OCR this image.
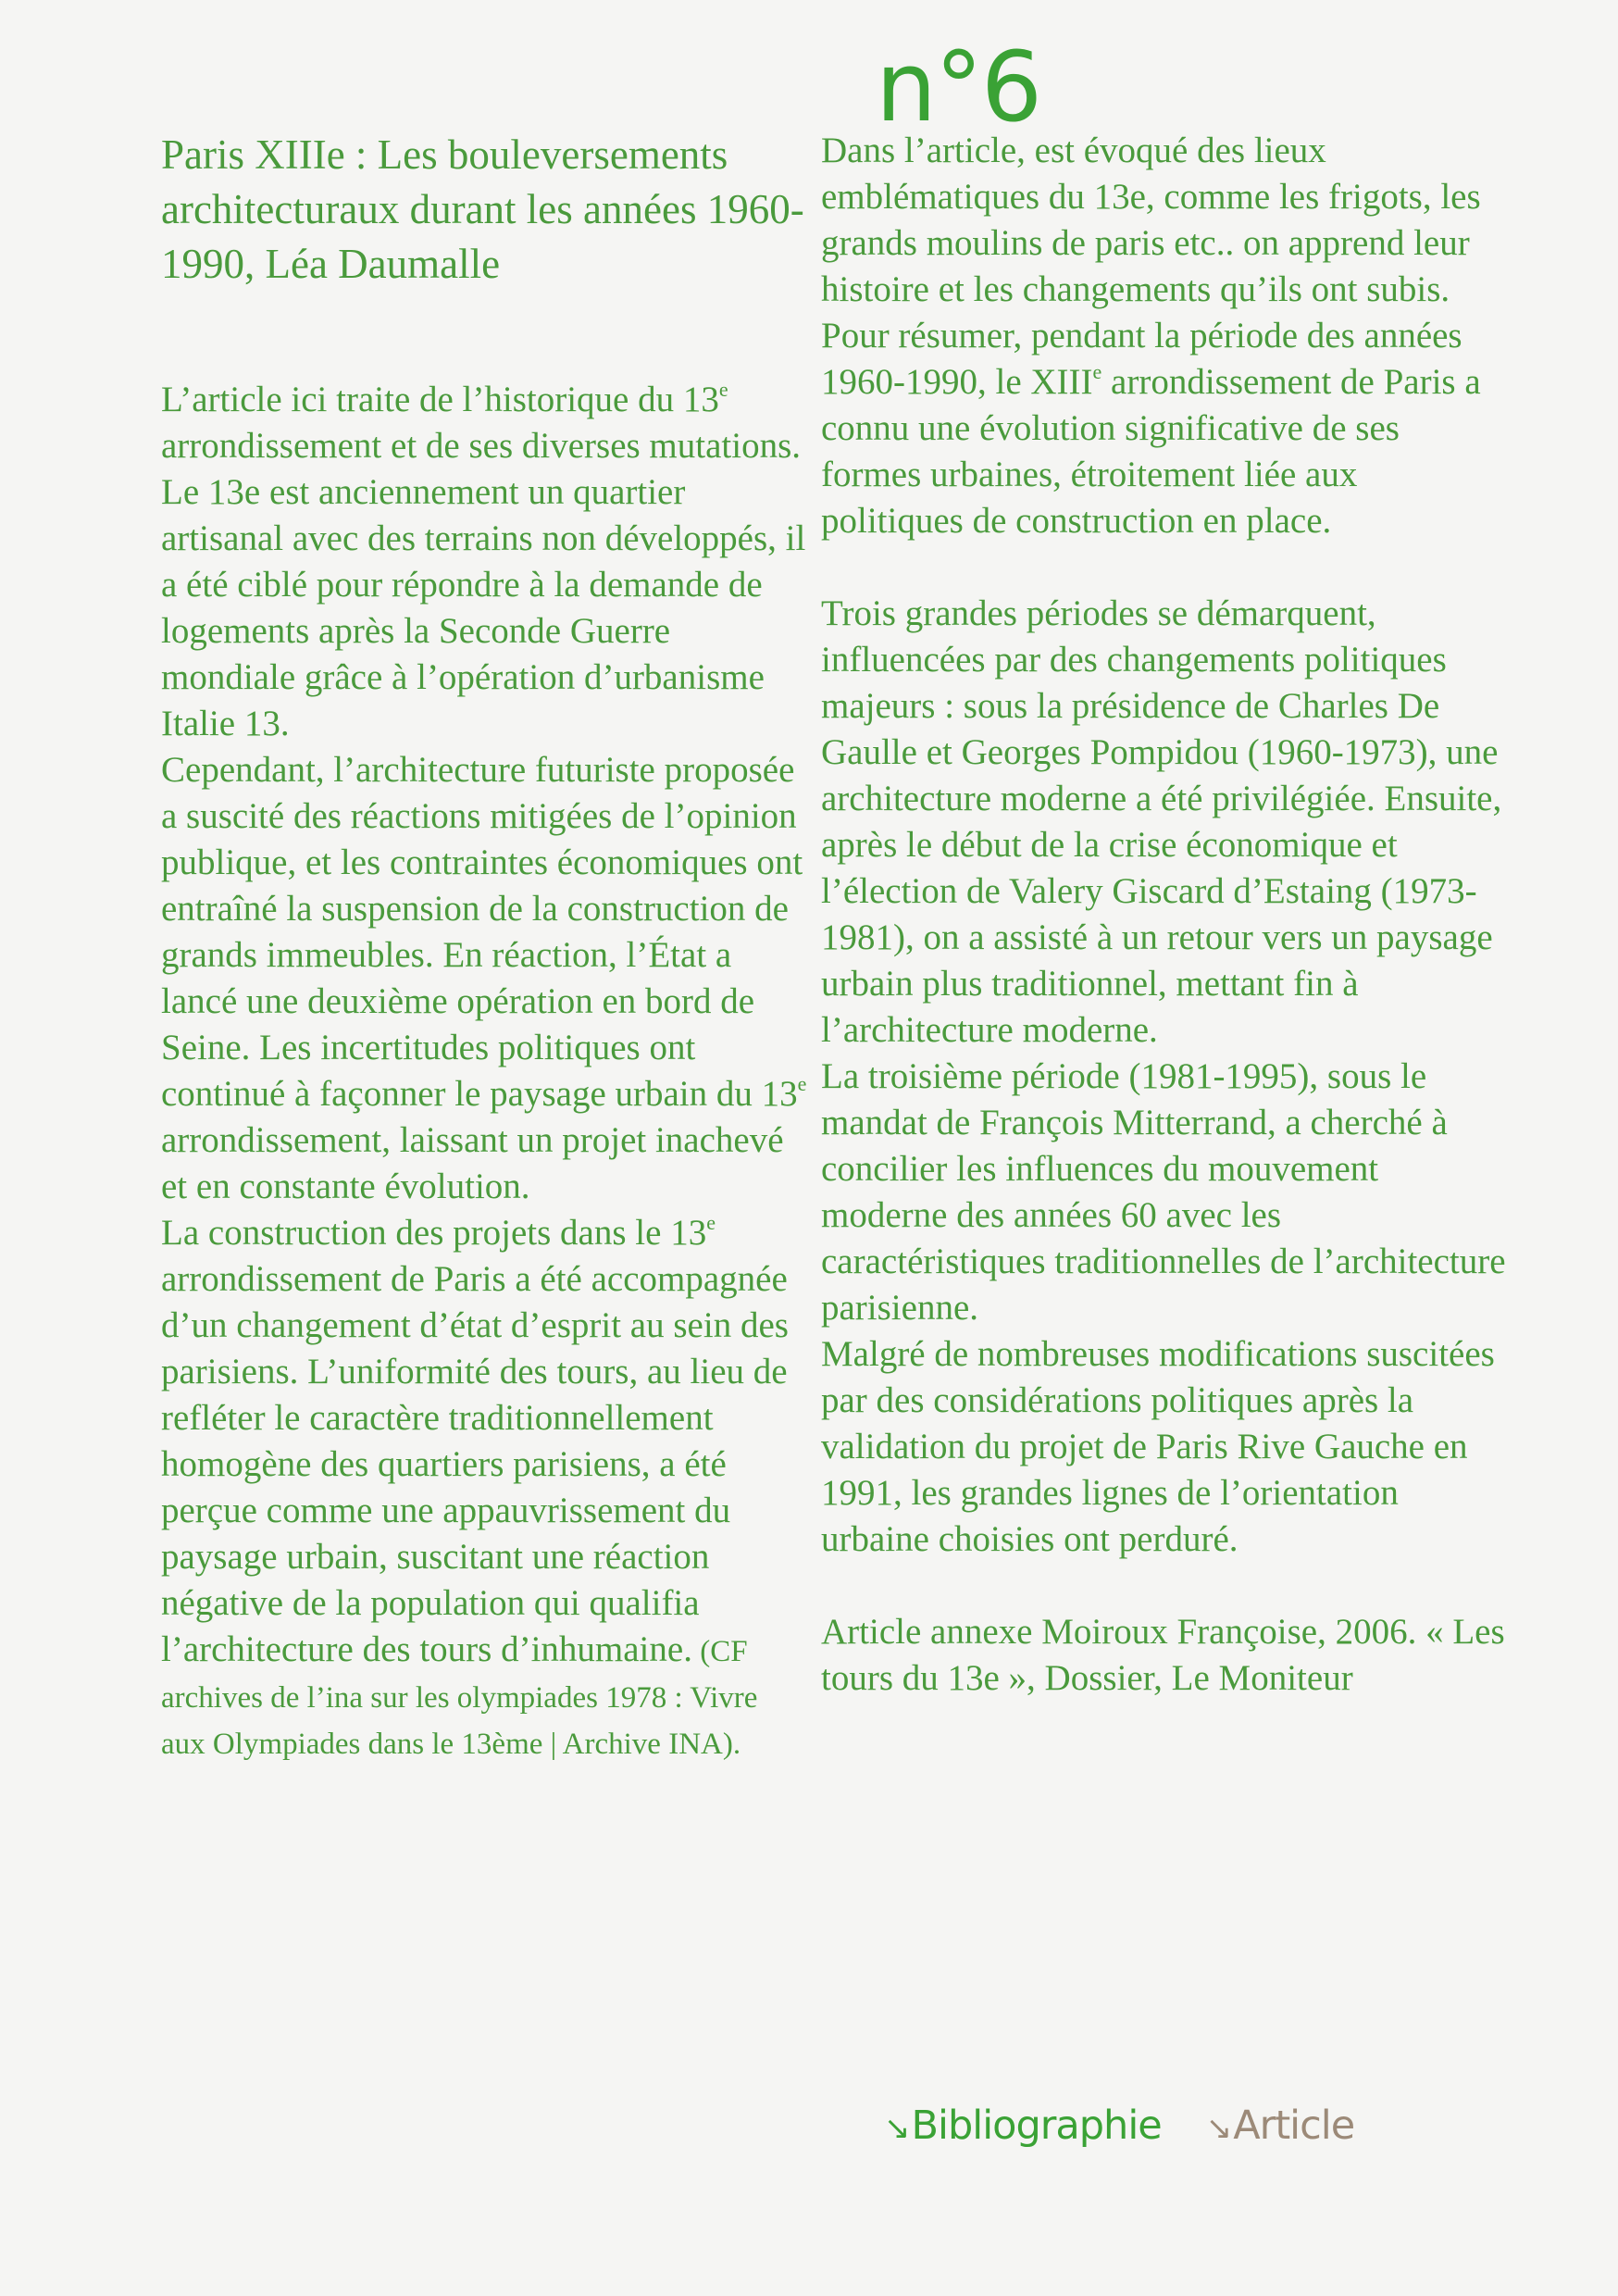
n°6
Paris XIIIe : Les bouleversements architecturaux durant les années 1960-1990, Léa Daumalle

L’article ici traite de l’historique du 13e arrondissement et de ses diverses mutations. Le 13e est anciennement un quartier artisanal avec des terrains non développés, il a été ciblé pour répondre à la demande de logements après la Seconde Guerre mondiale grâce à l’opération d’urbanisme Italie 13.

Cependant, l’architecture futuriste proposée a suscité des réactions mitigées de l’opinion publique, et les contraintes économiques ont entraîné la suspension de la construction de grands immeubles. En réaction, l’État a lancé une deuxième opération en bord de Seine. Les incertitudes politiques ont continué à façonner le paysage urbain du 13e arrondissement, laissant un projet inachevé et en constante évolution.

La construction des projets dans le 13e arrondissement de Paris a été accompagnée d’un changement d’état d’esprit au sein des parisiens. L’uniformité des tours, au lieu de refléter le caractère traditionnellement homogène des quartiers parisiens, a été perçue comme une appauvrissement du paysage urbain, suscitant une réaction négative de la population qui qualifia l’architecture des tours d’inhumaine. (CF archives de l’ina sur les olympiades 1978 : Vivre aux Olympiades dans le 13ème | Archive INA).

Dans l’article, est évoqué des lieux emblématiques du 13e, comme les frigots, les grands moulins de paris etc.. on apprend leur histoire et les changements qu’ils ont subis. Pour résumer, pendant la période des années 1960-1990, le XIIIe arrondissement de Paris a connu une évolution significative de ses formes urbaines, étroitement liée aux politiques de construction en place.

Trois grandes périodes se démarquent, influencées par des changements politiques majeurs : sous la présidence de Charles De Gaulle et Georges Pompidou (1960-1973), une architecture moderne a été privilégiée. Ensuite, après le début de la crise économique et l’élection de Valery Giscard d’Estaing (1973-1981), on a assisté à un retour vers un paysage urbain plus traditionnel, mettant fin à l’architecture moderne.

La troisième période (1981-1995), sous le mandat de François Mitterrand, a cherché à concilier les influences du mouvement moderne des années 60 avec les caractéristiques traditionnelles de l’architecture parisienne.

Malgré de nombreuses modifications suscitées par des considérations politiques après la validation du projet de Paris Rive Gauche en 1991, les grandes lignes de l’orientation urbaine choisies ont perduré.

Article annexe Moiroux Françoise, 2006. « Les tours du 13e », Dossier, Le Moniteur

↘ Bibliographie ↘ Article
